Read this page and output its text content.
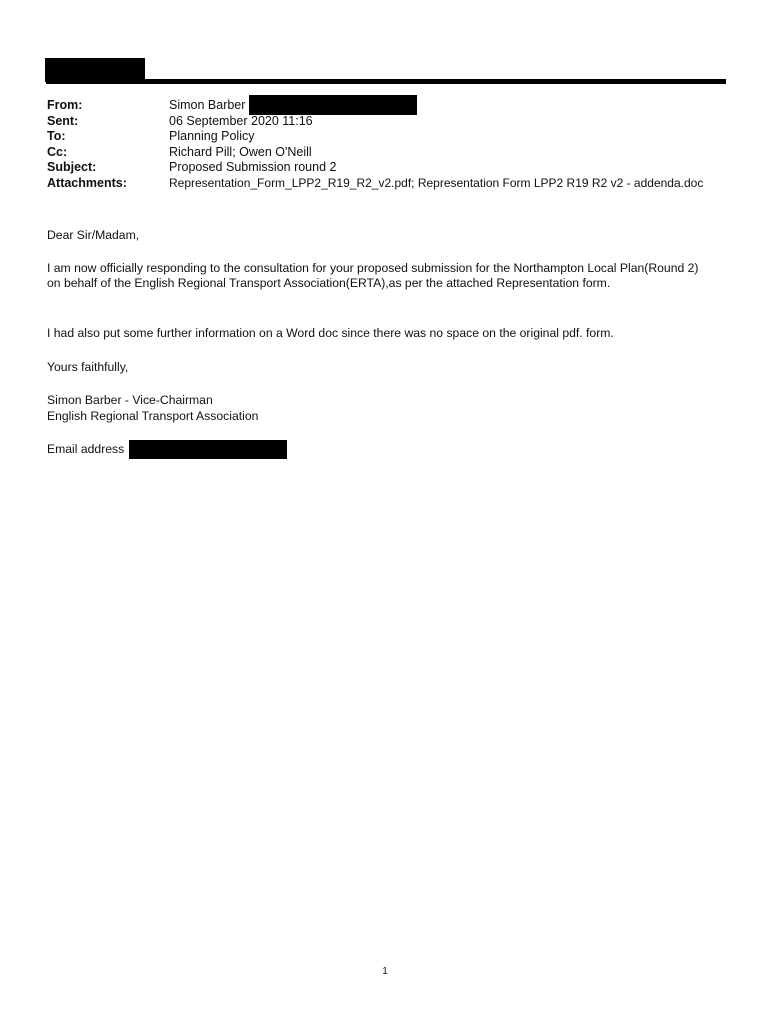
From:	Simon Barber
Sent:	06 September 2020 11:16
To:	Planning Policy
Cc:	Richard Pill; Owen O'Neill
Subject:	Proposed Submission round 2
Attachments:	Representation_Form_LPP2_R19_R2_v2.pdf; Representation Form LPP2 R19 R2 v2 - addenda.doc
Dear Sir/Madam,
I am now officially responding to the consultation for your proposed submission for the Northampton Local Plan(Round 2) on behalf of the English Regional Transport Association(ERTA),as per the attached Representation form.
I had also put some further information on a Word doc since there was no space on the original pdf. form.
Yours faithfully,
Simon Barber - Vice-Chairman
English Regional Transport Association
Email address
1
